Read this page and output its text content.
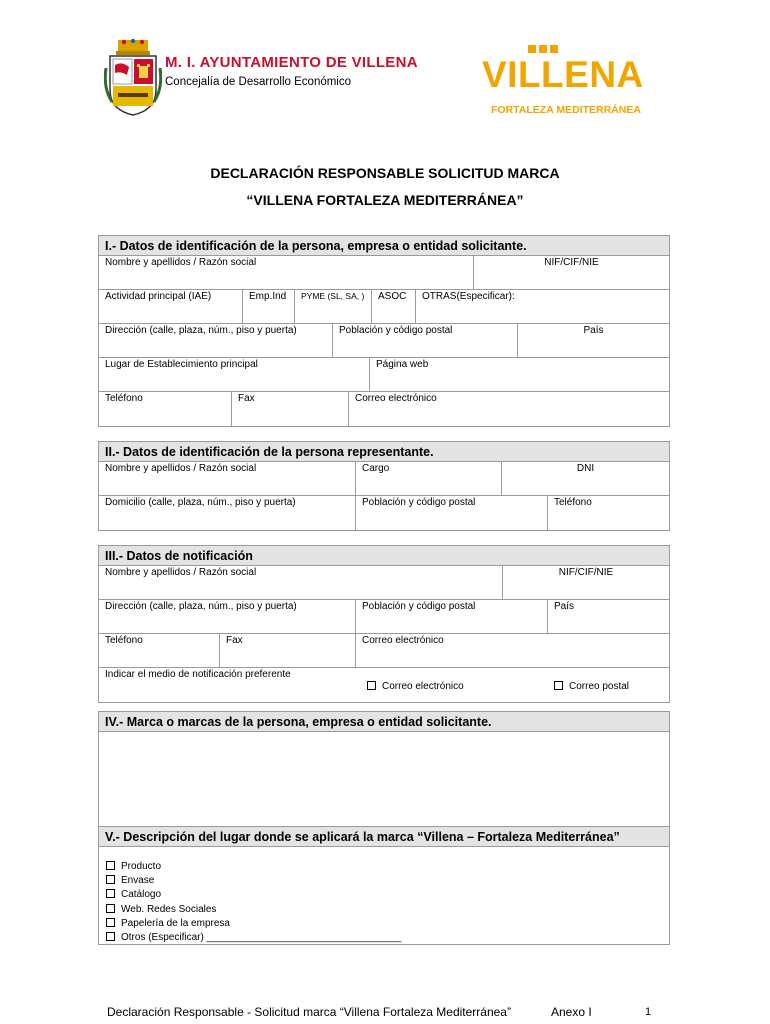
M. I. AYUNTAMIENTO DE VILLENA
Concejalía de Desarrollo Económico	VILLENA
FORTALEZA MEDITERRÁNEA
DECLARACIÓN RESPONSABLE SOLICITUD MARCA
“VILLENA FORTALEZA MEDITERRÁNEA”
I.- Datos de identificación de la persona, empresa o entidad solicitante.
Nombre y apellidos / Razón social	NIF/CIF/NIE
Actividad principal (IAE)	Emp.Ind	PYME (SL, SA, )	ASOC	OTRAS(Especificar):
Dirección (calle, plaza, núm., piso y puerta)	Población y código postal	País
Lugar de Establecimiento principal	Página web
Teléfono	Fax	Correo electrónico
II.- Datos de identificación de la persona representante.
Nombre y apellidos / Razón social	Cargo	DNI
Domicilio (calle, plaza, núm., piso y puerta)	Población y código postal	Teléfono
III.- Datos de notificación
Nombre y apellidos / Razón social	NIF/CIF/NIE
Dirección (calle, plaza, núm., piso y puerta)	Población y código postal	País
Teléfono	Fax	Correo electrónico
Indicar el medio de notificación preferente
Correo electrónico	Correo postal
IV.- Marca o marcas de la persona, empresa o entidad solicitante.
V.- Descripción del lugar donde se aplicará la marca “Villena – Fortaleza Mediterránea”
Producto
Envase
Catálogo
Web. Redes Sociales
Papelería de la empresa
Otros (Especificar) ___________________________________
Declaración Responsable - Solicitud marca “Villena Fortaleza Mediterránea”	Anexo I	1
